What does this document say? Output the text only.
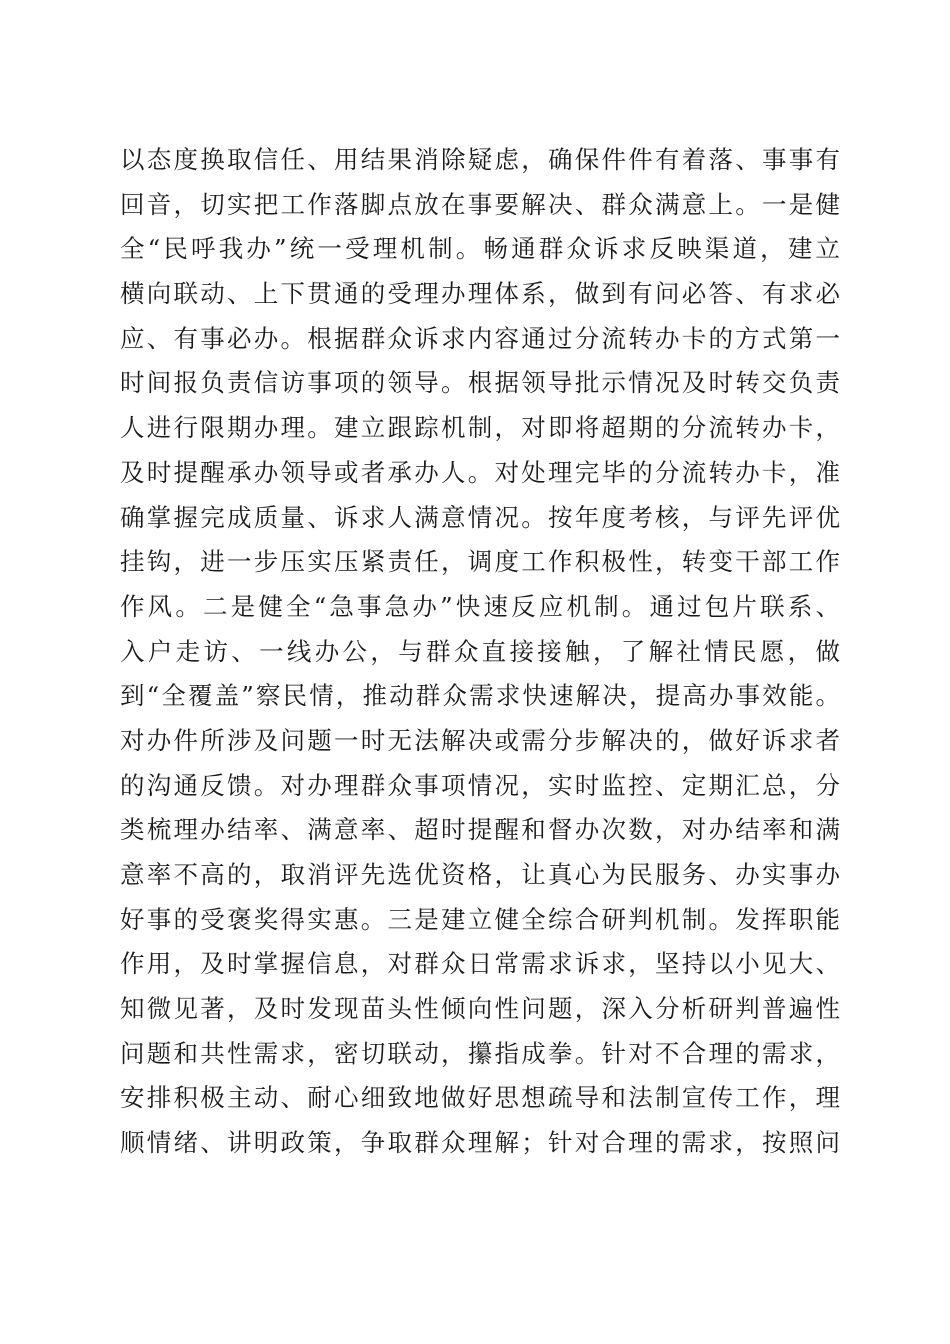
以态度换取信任、用结果消除疑虑，确保件件有着落、事事有
回音，切实把工作落脚点放在事要解决、群众满意上。一是健
全“民呼我办”统一受理机制。畅通群众诉求反映渠道，建立
横向联动、上下贯通的受理办理体系，做到有问必答、有求必
应、有事必办。根据群众诉求内容通过分流转办卡的方式第一
时间报负责信访事项的领导。根据领导批示情况及时转交负责
人进行限期办理。建立跟踪机制，对即将超期的分流转办卡，
及时提醒承办领导或者承办人。对处理完毕的分流转办卡，准
确掌握完成质量、诉求人满意情况。按年度考核，与评先评优
挂钩，进一步压实压紧责任，调度工作积极性，转变干部工作
作风。二是健全“急事急办”快速反应机制。通过包片联系、
入户走访、一线办公，与群众直接接触，了解社情民愿，做
到“全覆盖”察民情，推动群众需求快速解决，提高办事效能。
对办件所涉及问题一时无法解决或需分步解决的，做好诉求者
的沟通反馈。对办理群众事项情况，实时监控、定期汇总，分
类梳理办结率、满意率、超时提醒和督办次数，对办结率和满
意率不高的，取消评先选优资格，让真心为民服务、办实事办
好事的受褒奖得实惠。三是建立健全综合研判机制。发挥职能
作用，及时掌握信息，对群众日常需求诉求，坚持以小见大、
知微见著，及时发现苗头性倾向性问题，深入分析研判普遍性
问题和共性需求，密切联动，攥指成拳。针对不合理的需求，
安排积极主动、耐心细致地做好思想疏导和法制宣传工作，理
顺情绪、讲明政策，争取群众理解；针对合理的需求，按照问
